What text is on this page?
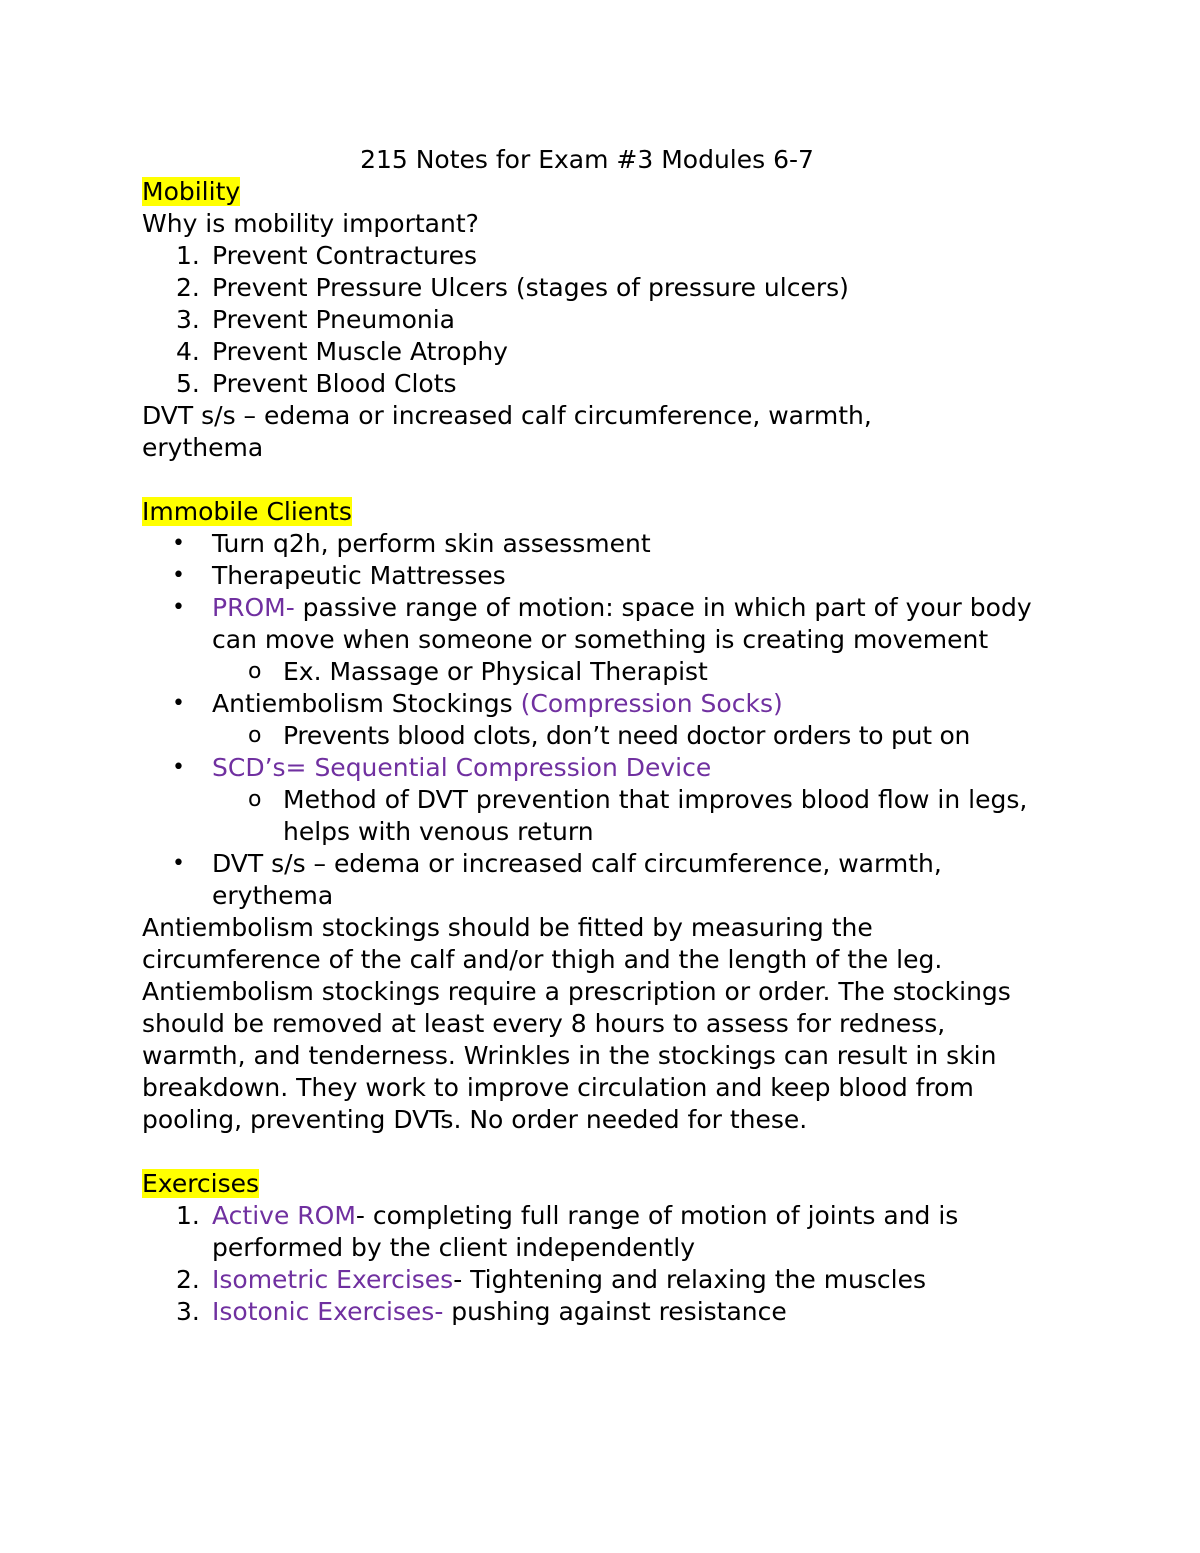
215 Notes for Exam #3 Modules 6-7

Mobility

Why is mobility important?

1. Prevent Contractures

2. Prevent Pressure Ulcers (stages of pressure ulcers)

3. Prevent Pneumonia

4. Prevent Muscle Atrophy

5. Prevent Blood Clots

DVT s/s – edema or increased calf circumference, warmth, erythema

Immobile Clients

• Turn q2h, perform skin assessment

• Therapeutic Mattresses

• PROM- passive range of motion: space in which part of your body can move when someone or something is creating movement

o Ex. Massage or Physical Therapist

• Antiembolism Stockings (Compression Socks)

o Prevents blood clots, don’t need doctor orders to put on

• SCD’s= Sequential Compression Device

o Method of DVT prevention that improves blood flow in legs, helps with venous return

• DVT s/s – edema or increased calf circumference, warmth, erythema

Antiembolism stockings should be fitted by measuring the circumference of the calf and/or thigh and the length of the leg. Antiembolism stockings require a prescription or order. The stockings should be removed at least every 8 hours to assess for redness, warmth, and tenderness. Wrinkles in the stockings can result in skin breakdown. They work to improve circulation and keep blood from pooling, preventing DVTs. No order needed for these.

Exercises

1. Active ROM- completing full range of motion of joints and is performed by the client independently

2. Isometric Exercises- Tightening and relaxing the muscles

3. Isotonic Exercises- pushing against resistance
